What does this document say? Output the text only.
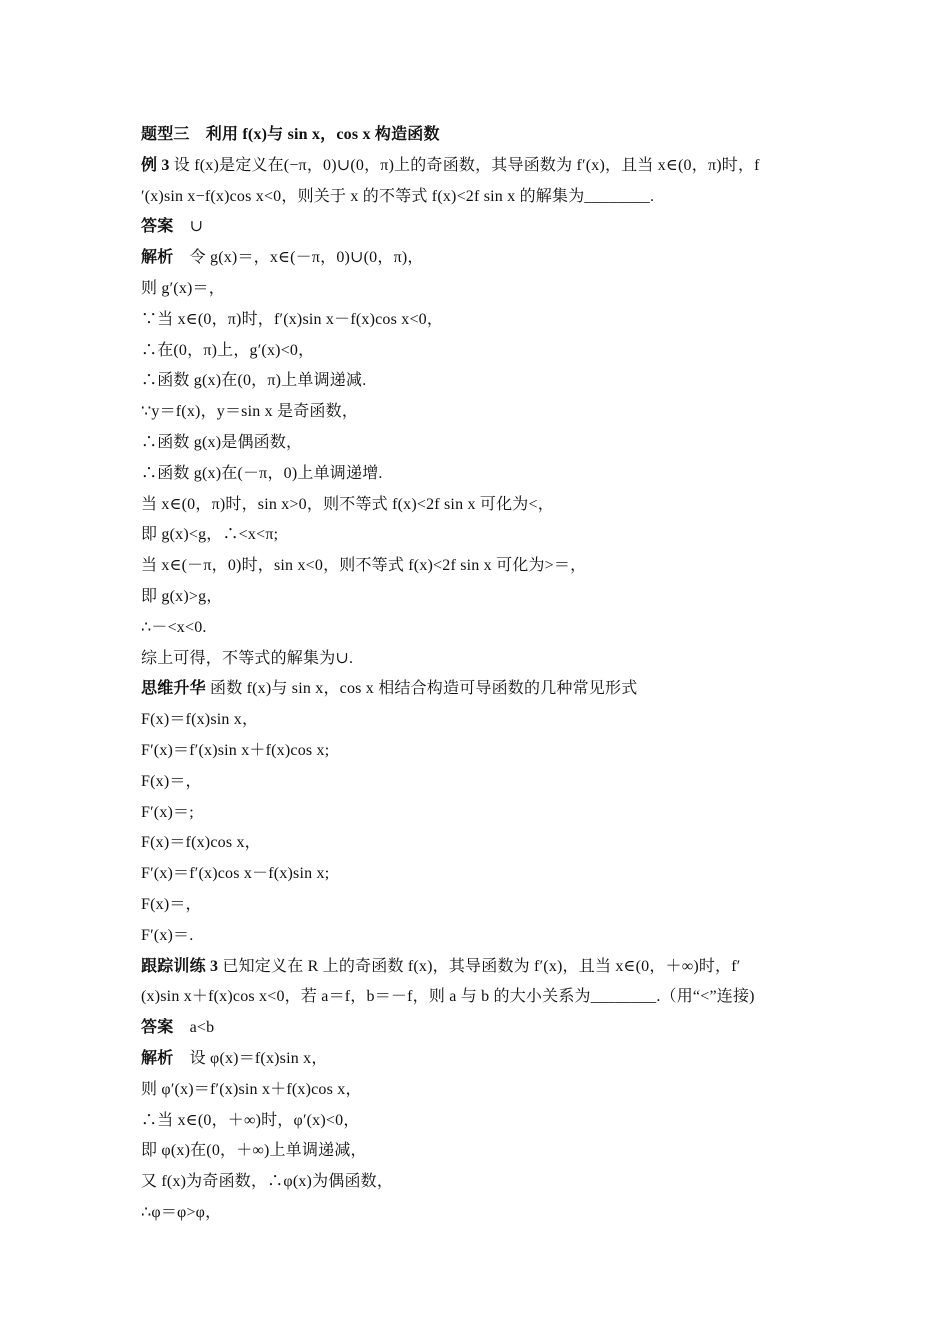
题型三　利用 f(x)与 sin x，cos x 构造函数
例 3 设 f(x)是定义在(−π，0)∪(0，π)上的奇函数，其导函数为 f′(x)，且当 x∈(0，π)时，f
′(x)sin x−f(x)cos x<0，则关于 x 的不等式 f(x)<2f sin x 的解集为________.
答案　∪
解析　令 g(x)＝，x∈(－π，0)∪(0，π)，
则 g′(x)＝，
∵当 x∈(0，π)时，f′(x)sin x－f(x)cos x<0，
∴在(0，π)上，g′(x)<0，
∴函数 g(x)在(0，π)上单调递减.
∵y＝f(x)，y＝sin x 是奇函数，
∴函数 g(x)是偶函数，
∴函数 g(x)在(－π，0)上单调递增.
当 x∈(0，π)时，sin x>0，则不等式 f(x)<2f sin x 可化为<，
即 g(x)<g，∴<x<π;
当 x∈(－π，0)时，sin x<0，则不等式 f(x)<2f sin x 可化为>＝，
即 g(x)>g，
∴－<x<0.
综上可得，不等式的解集为∪.
思维升华 函数 f(x)与 sin x，cos x 相结合构造可导函数的几种常见形式
F(x)＝f(x)sin x，
F′(x)＝f′(x)sin x＋f(x)cos x;
F(x)＝，
F′(x)＝;
F(x)＝f(x)cos x，
F′(x)＝f′(x)cos x－f(x)sin x;
F(x)＝，
F′(x)＝.
跟踪训练 3 已知定义在 R 上的奇函数 f(x)，其导函数为 f′(x)，且当 x∈(0，＋∞)时，f′
(x)sin x＋f(x)cos x<0，若 a＝f，b＝－f，则 a 与 b 的大小关系为________.（用“<”连接)
答案　a<b
解析　设 φ(x)＝f(x)sin x，
则 φ′(x)＝f′(x)sin x＋f(x)cos x，
∴当 x∈(0，＋∞)时，φ′(x)<0，
即 φ(x)在(0，＋∞)上单调递减，
又 f(x)为奇函数，∴φ(x)为偶函数，
∴φ＝φ>φ，
